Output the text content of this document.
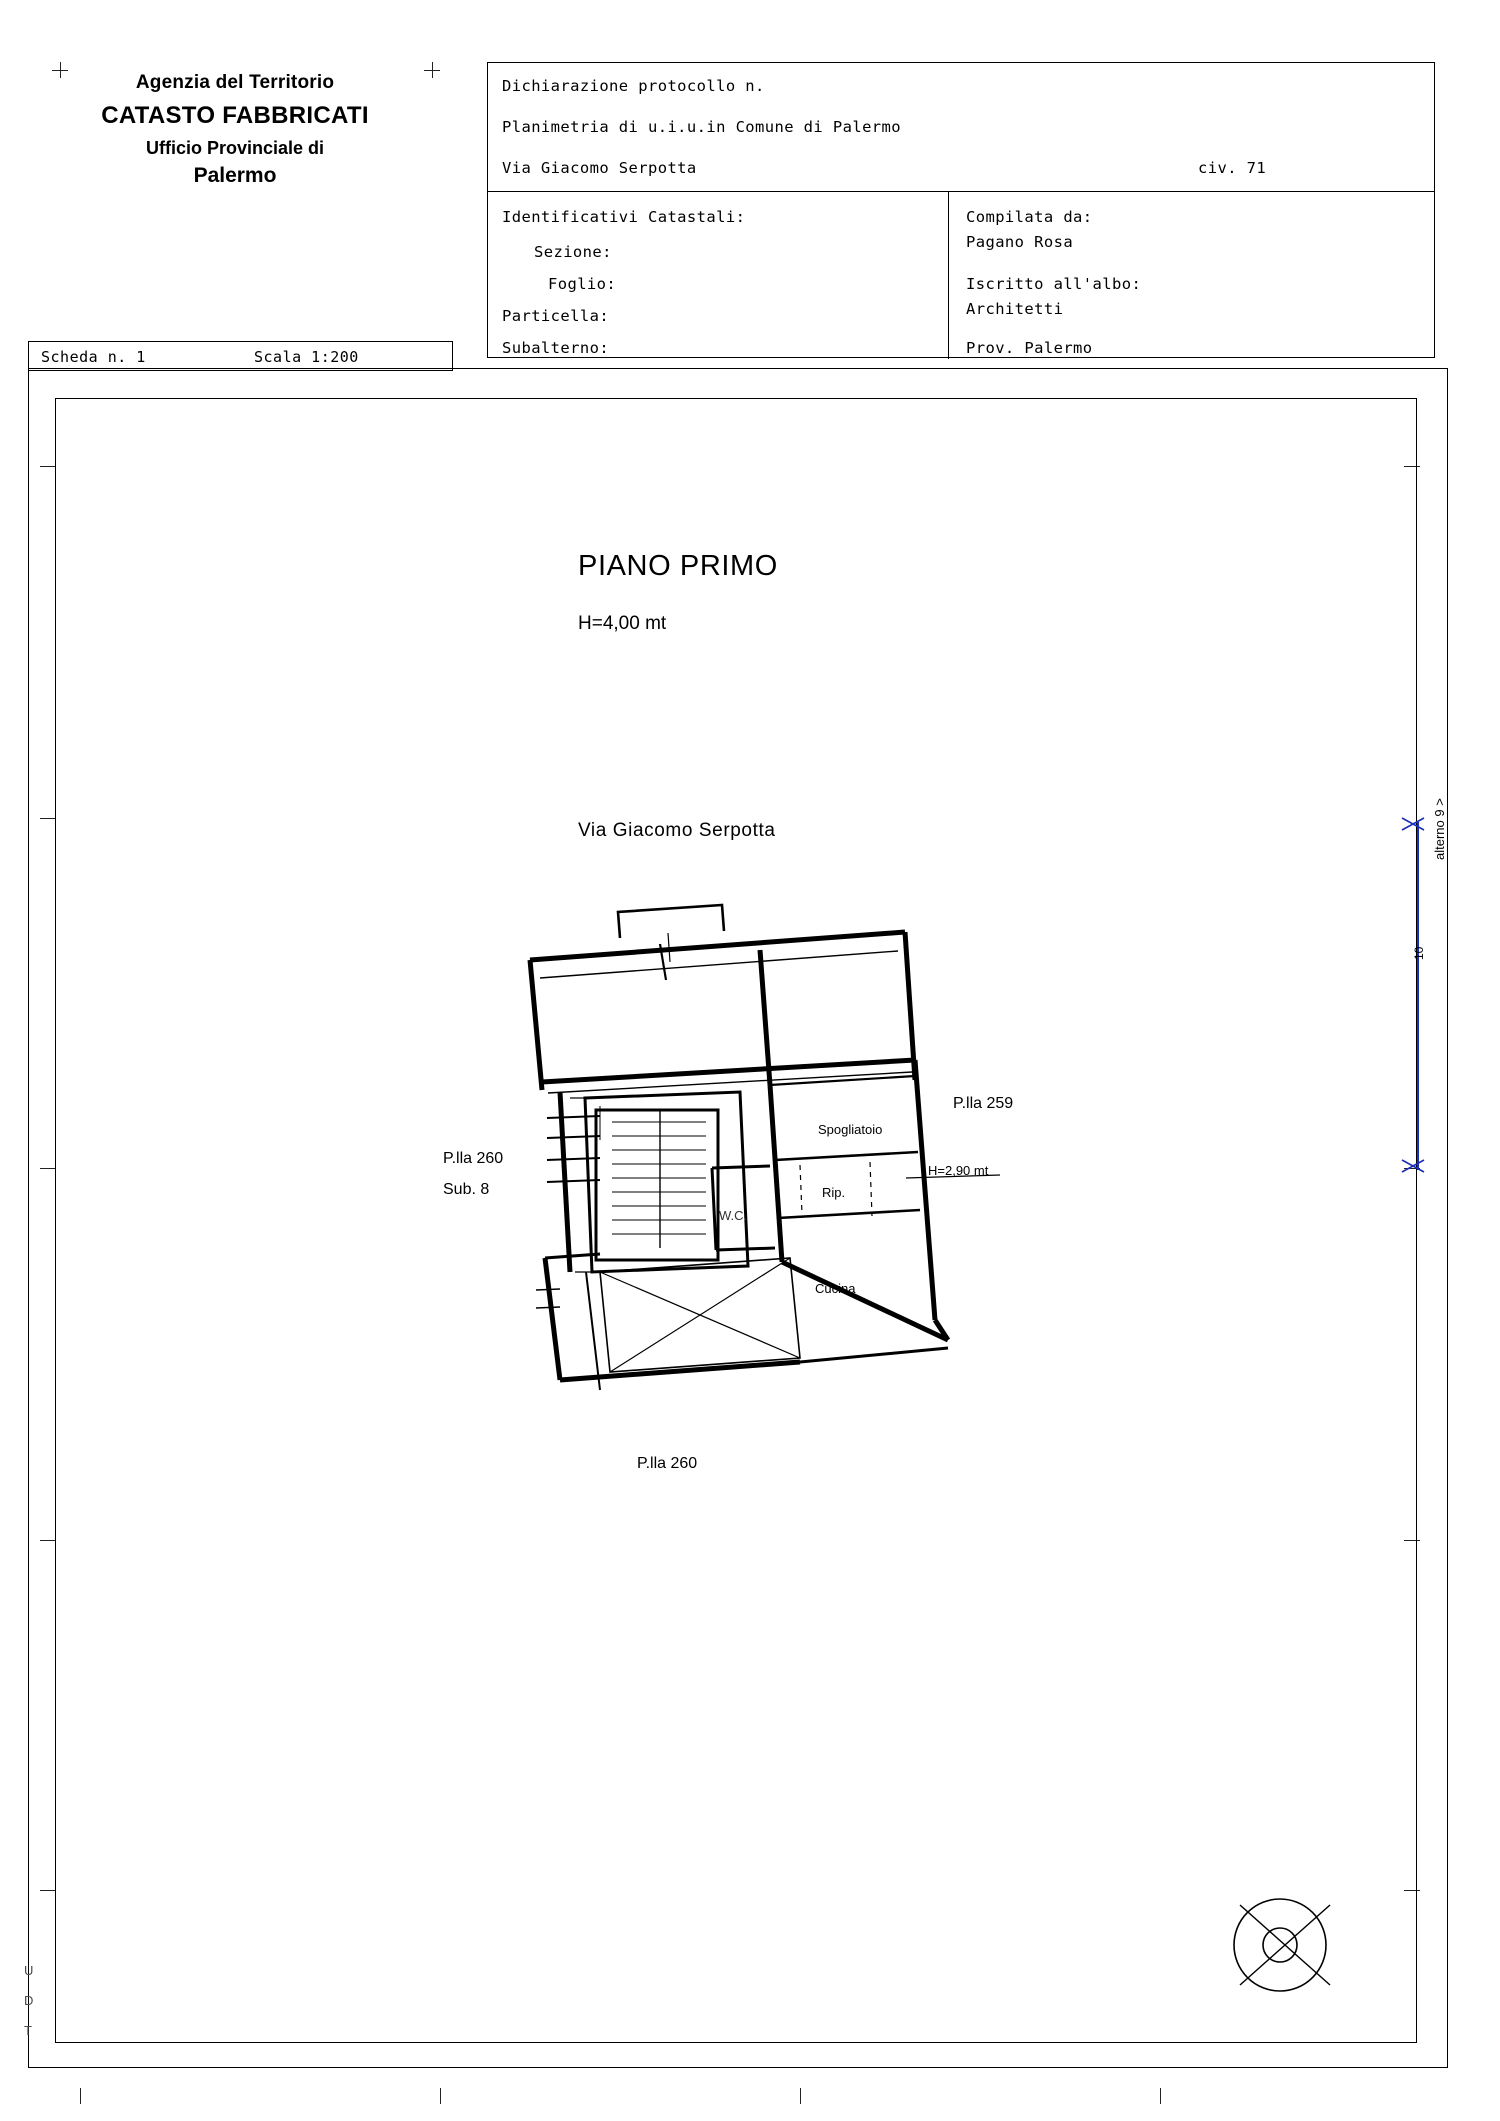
Agenzia del Territorio
CATASTO FABBRICATI
Ufficio Provinciale di
Palermo
Scheda n. 1	Scala 1:200
Dichiarazione protocollo n.
Planimetria di u.i.u.in Comune di Palermo
Via Giacomo Serpotta	civ. 71
Identificativi Catastali:
Sezione:
Foglio:
Particella:
Subalterno:
Compilata da:
Pagano Rosa
Iscritto all'albo:
Architetti
Prov. Palermo
PIANO PRIMO
H=4,00 mt
Via Giacomo Serpotta
P.lla 259
P.lla 260
Sub. 8
P.lla 260
Spogliatoio
Rip.
W.C.
Cucina
H=2,90 mt
alterno 9 >
10
U
D
T
